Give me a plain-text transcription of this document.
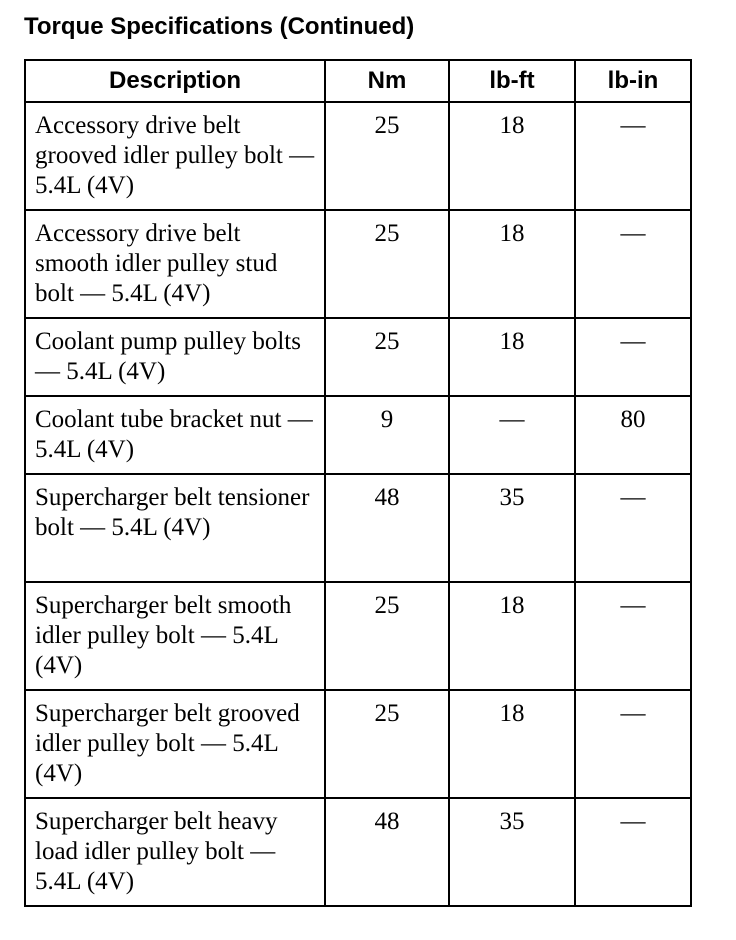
Torque Specifications (Continued)
Description	Nm	lb-ft	lb-in
Accessory drive belt grooved idler pulley bolt — 5.4L (4V)	25	18	—
Accessory drive belt smooth idler pulley stud bolt — 5.4L (4V)	25	18	—
Coolant pump pulley bolts — 5.4L (4V)	25	18	—
Coolant tube bracket nut — 5.4L (4V)	9	—	80
Supercharger belt tensioner bolt — 5.4L (4V)	48	35	—
Supercharger belt smooth idler pulley bolt — 5.4L (4V)	25	18	—
Supercharger belt grooved idler pulley bolt — 5.4L (4V)	25	18	—
Supercharger belt heavy load idler pulley bolt — 5.4L (4V)	48	35	—
